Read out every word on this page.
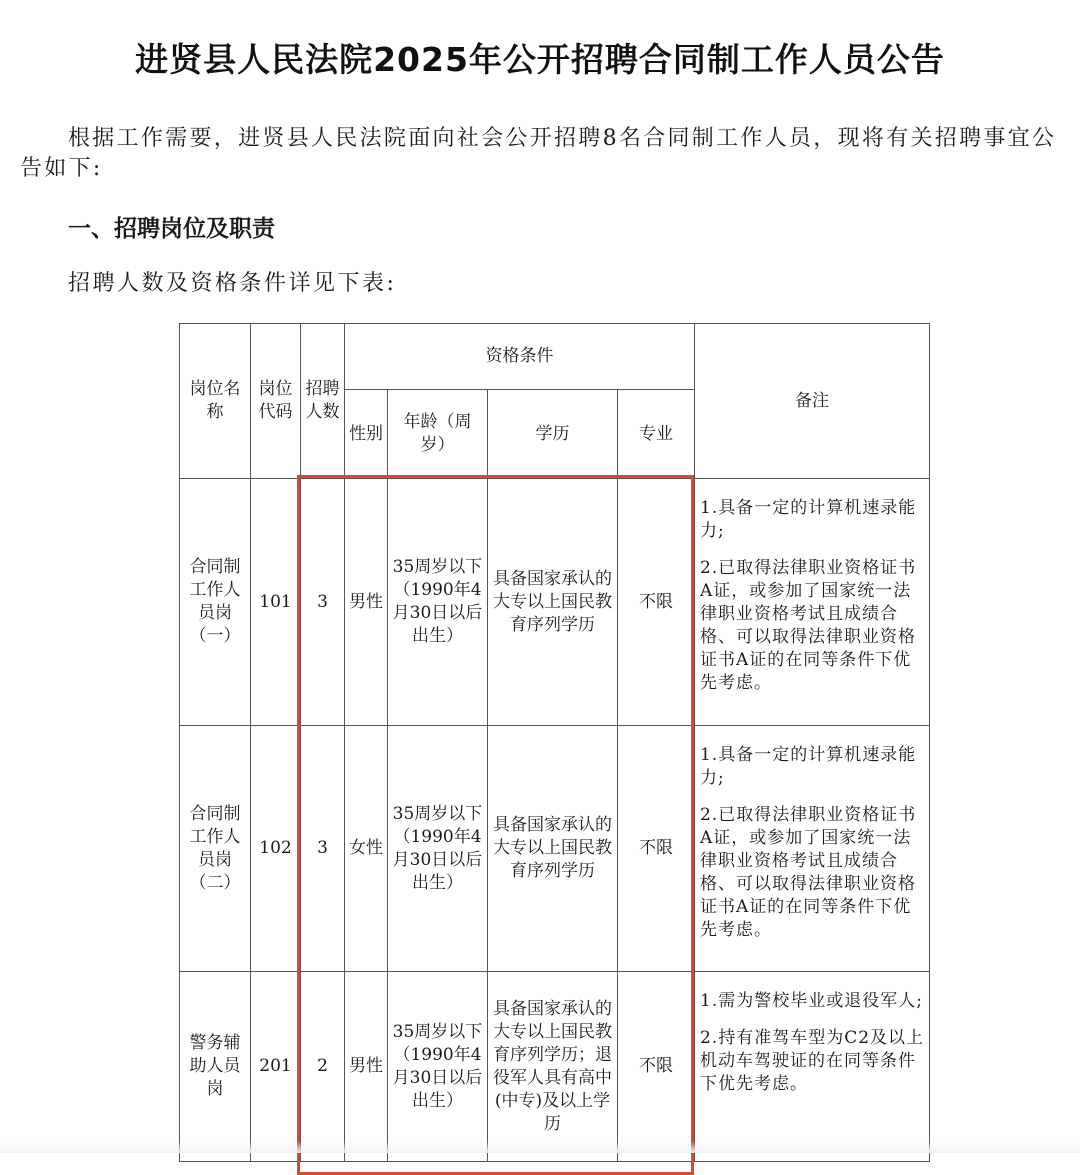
进贤县人民法院2025年公开招聘合同制工作人员公告
根据工作需要，进贤县人民法院面向社会公开招聘8名合同制工作人员，现将有关招聘事宜公告如下:
一、招聘岗位及职责
招聘人数及资格条件详见下表:
岗位名称	岗位代码	招聘人数	资格条件				备注
			性别	年龄（周岁）	学历	专业	
合同制工作人员岗（一）	101	3	男性	35周岁以下（1990年4月30日以后出生）	具备国家承认的大专以上国民教育序列学历	不限	1.具备一定的计算机速录能力;

2.已取得法律职业资格证书A证，或参加了国家统一法律职业资格考试且成绩合格、可以取得法律职业资格证书A证的在同等条件下优先考虑。

合同制工作人员岗（二）	102	3	女性	35周岁以下（1990年4月30日以后出生）	具备国家承认的大专以上国民教育序列学历	不限	1.具备一定的计算机速录能力;

2.已取得法律职业资格证书A证，或参加了国家统一法律职业资格考试且成绩合格、可以取得法律职业资格证书A证的在同等条件下优先考虑。

警务辅助人员岗	201	2	男性	35周岁以下（1990年4月30日以后出生）	具备国家承认的大专以上国民教育序列学历；退役军人具有高中(中专)及以上学历	不限	1.需为警校毕业或退役军人;

2.持有准驾车型为C2及以上机动车驾驶证的在同等条件下优先考虑。
